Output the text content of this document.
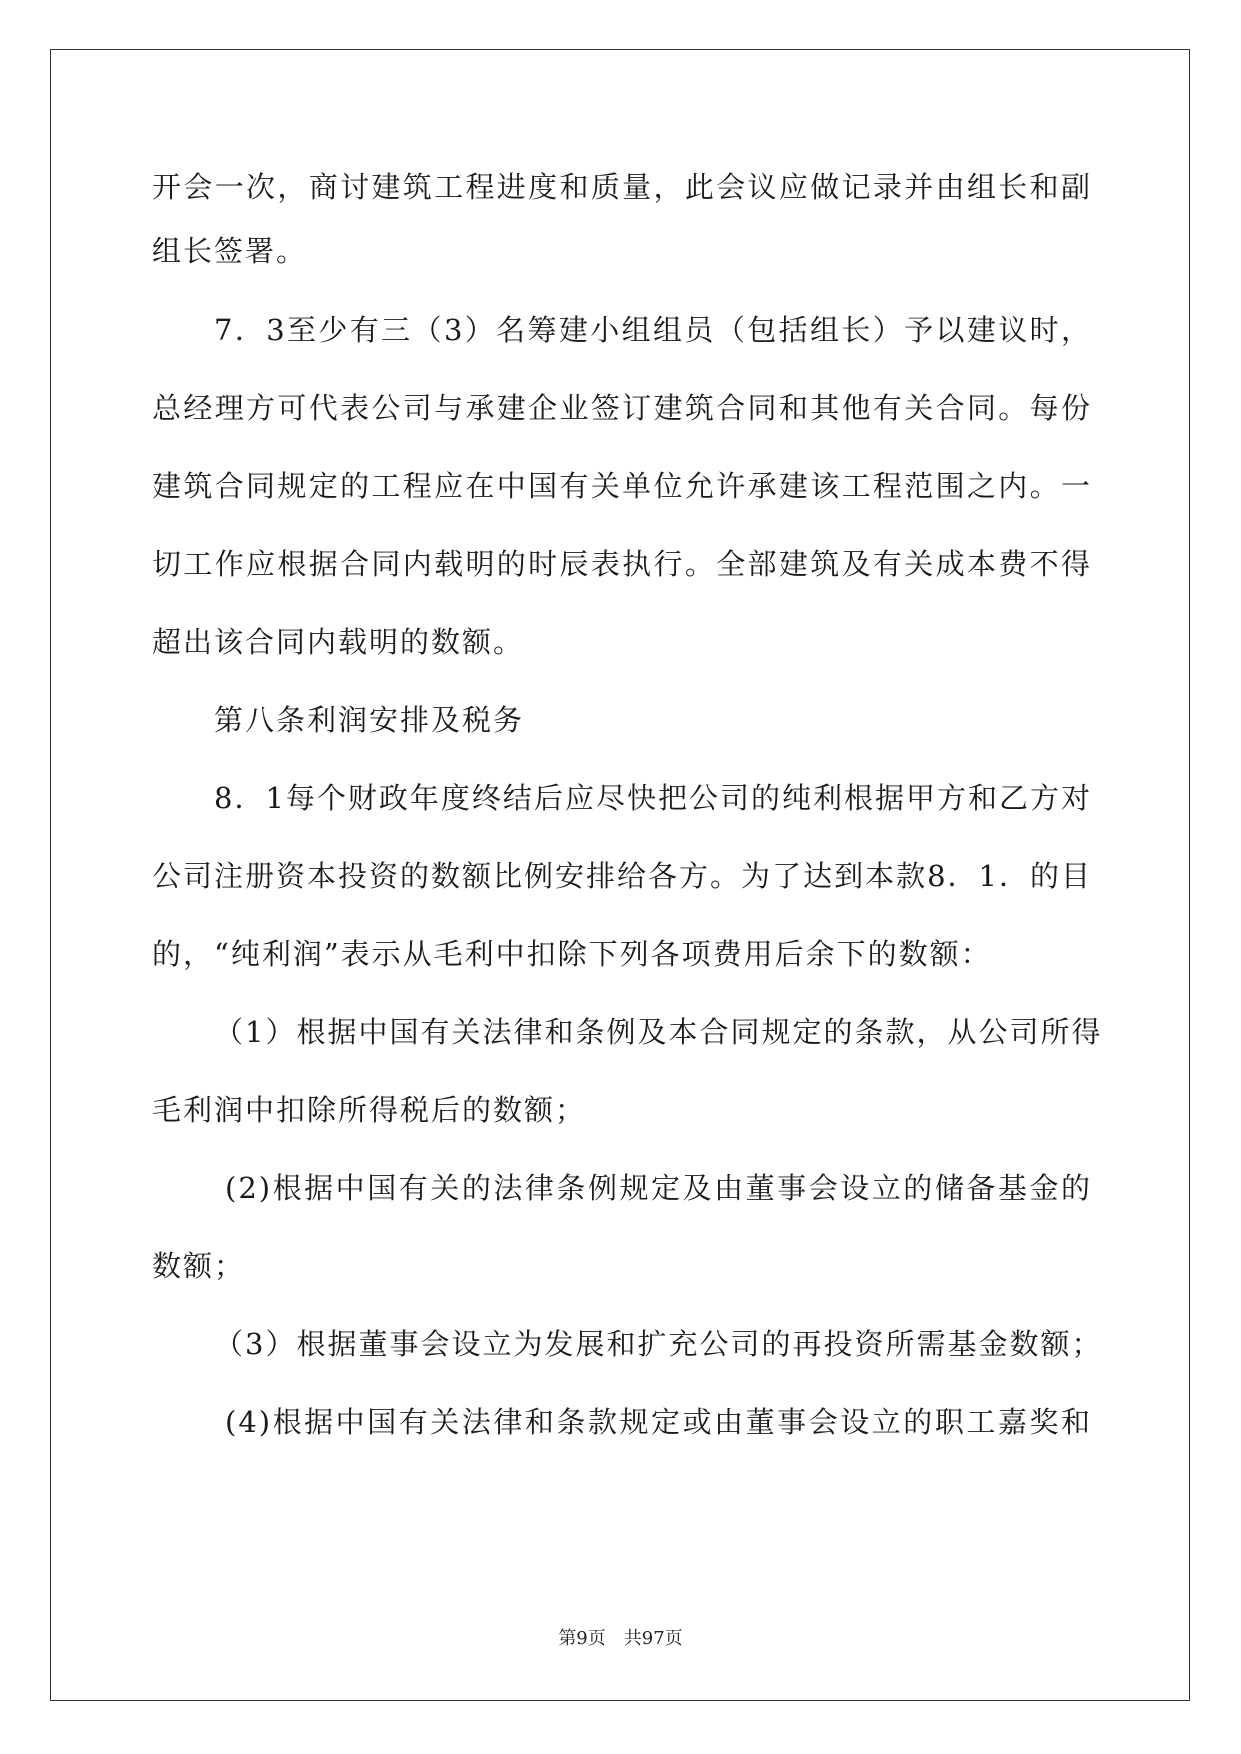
开会一次，商讨建筑工程进度和质量，此会议应做记录并由组长和副
组长签署。
7．3至少有三（3）名筹建小组组员（包括组长）予以建议时，
总经理方可代表公司与承建企业签订建筑合同和其他有关合同。每份
建筑合同规定的工程应在中国有关单位允许承建该工程范围之内。一
切工作应根据合同内载明的时辰表执行。全部建筑及有关成本费不得
超出该合同内载明的数额。
第八条利润安排及税务
8．1每个财政年度终结后应尽快把公司的纯利根据甲方和乙方对
公司注册资本投资的数额比例安排给各方。为了达到本款8．1．的目
的，“纯利润”表示从毛利中扣除下列各项费用后余下的数额：
（1）根据中国有关法律和条例及本合同规定的条款，从公司所得
毛利润中扣除所得税后的数额；
(2)根据中国有关的法律条例规定及由董事会设立的储备基金的
数额；
（3）根据董事会设立为发展和扩充公司的再投资所需基金数额；
(4)根据中国有关法律和条款规定或由董事会设立的职工嘉奖和
第9页　共97页
